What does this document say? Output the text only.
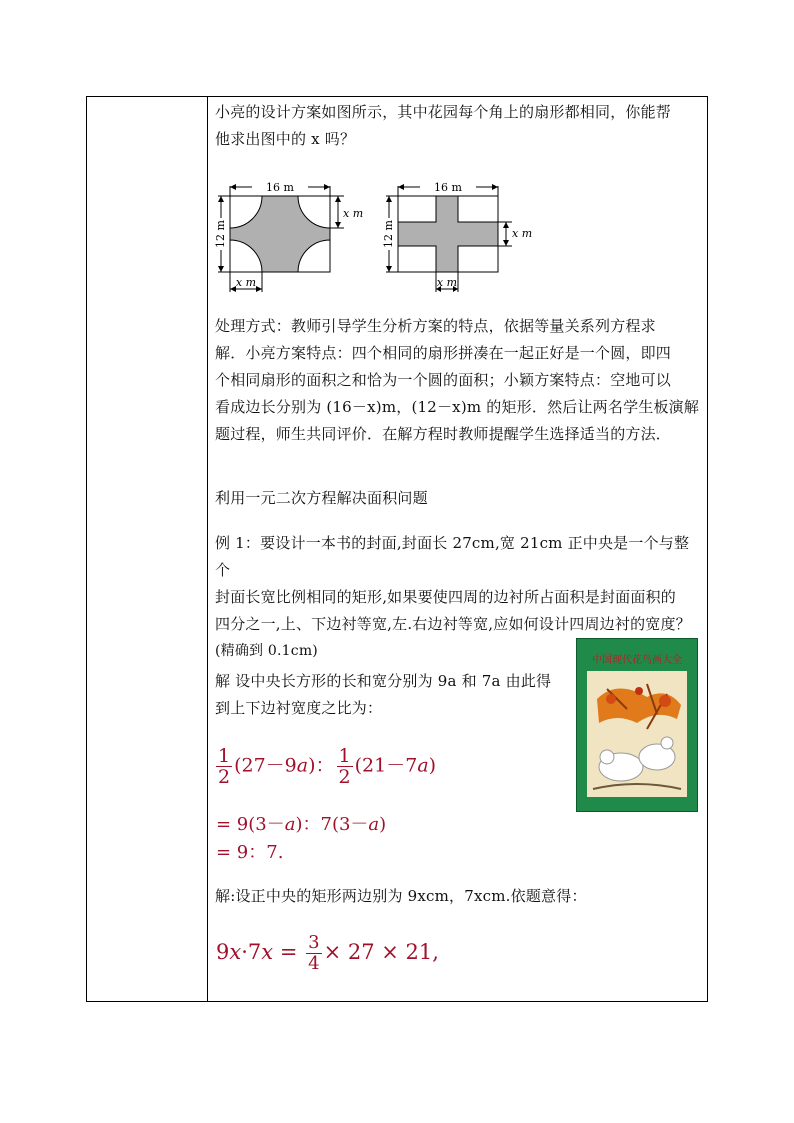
小亮的设计方案如图所示，其中花园每个角上的扇形都相同，你能帮

他求出图中的 x 吗？

16 m
12 m
x m
x m
16 m
12 m	x m
x m

处理方式：教师引导学生分析方案的特点，依据等量关系列方程求

解．小亮方案特点：四个相同的扇形拼凑在一起正好是一个圆，即四

个相同扇形的面积之和恰为一个圆的面积；小颖方案特点：空地可以

看成边长分别为 (16－x)m，(12－x)m 的矩形．然后让两名学生板演解

题过程，师生共同评价．在解方程时教师提醒学生选择适当的方法．

利用一元二次方程解决面积问题

例 1：要设计一本书的封面,封面长 27cm,宽 21cm 正中央是一个与整个

封面长宽比例相同的矩形,如果要使四周的边衬所占面积是封面面积的

四分之一,上、下边衬等宽,左.右边衬等宽,应如何设计四周边衬的宽度？

(精确到 0.1cm)

中国现代花鸟画大全

解 设中央长方形的长和宽分别为 9a 和 7a 由此得

到上下边衬宽度之比为：

$\frac{1}{2} (27-9a)$： $\frac{1}{2} (21-7a)$
= 9(3－a)：7(3－a)
= 9：7.

解:设正中央的矩形两边别为 9xcm，7xcm.依题意得：

$9x\cdot 7x = \frac{3}{4} \times 27 \times 21$,
